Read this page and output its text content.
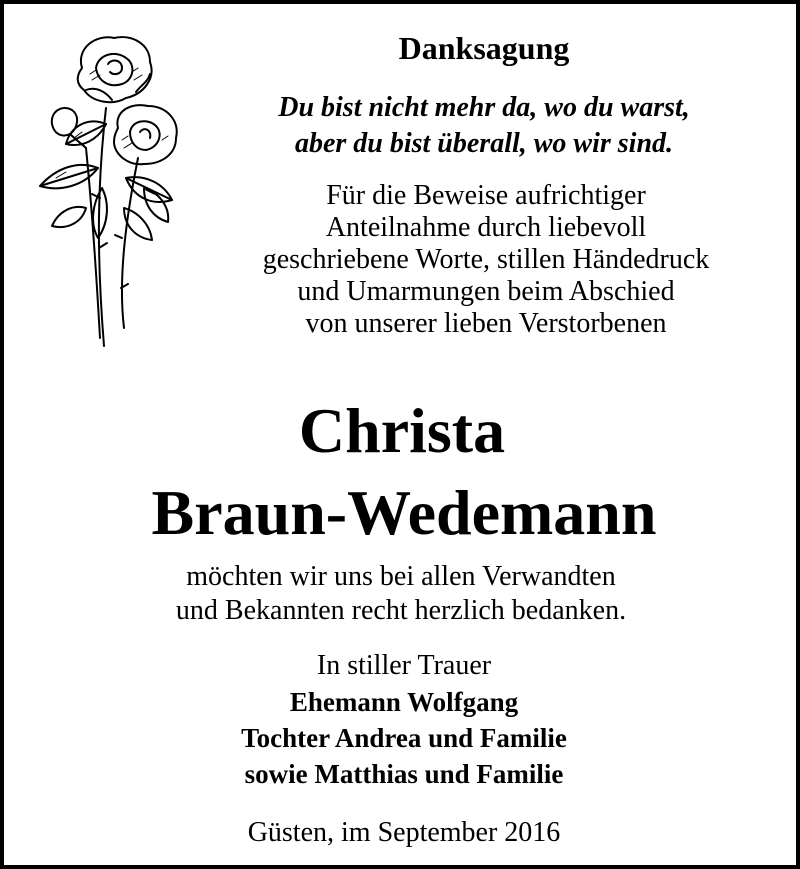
Danksagung

Du bist nicht mehr da, wo du warst,
aber du bist überall, wo wir sind.

Für die Beweise aufrichtiger
Anteilnahme durch liebevoll
geschriebene Worte, stillen Händedruck
und Umarmungen beim Abschied
von unserer lieben Verstorbenen

Christa
Braun-Wedemann

möchten wir uns bei allen Verwandten
und Bekannten recht herzlich bedanken.

In stiller Trauer

Ehemann Wolfgang
Tochter Andrea und Familie
sowie Matthias und Familie

Güsten, im September 2016
